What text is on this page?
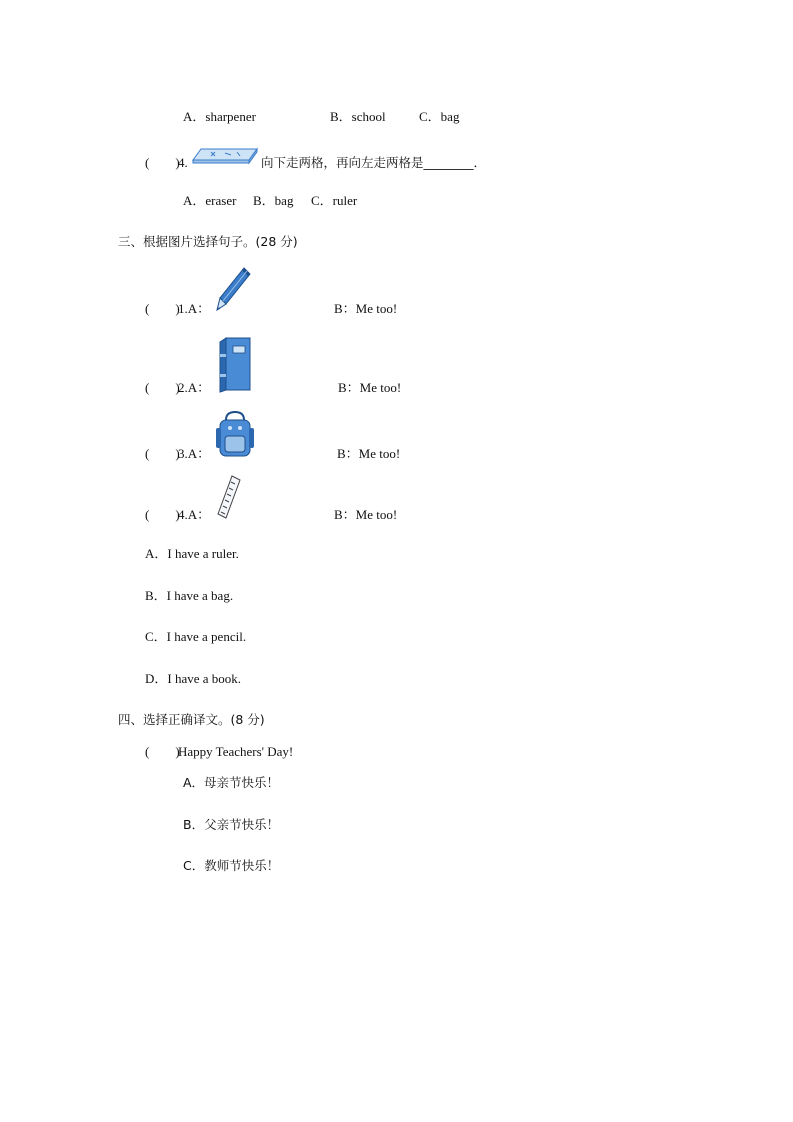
A．sharpener	B．school	C．bag
(　　)
4.	向下走两格，再向左走两格是________．
A．eraser B．bag C．ruler
三、根据图片选择句子。(28 分)
(　　)
1.A：	B：Me too!
(　　)
2.A：	B：Me too!
(　　)
3.A：	B：Me too!
(　　)
4.A：	B：Me too!
A．I have a ruler.
B．I have a bag.
C．I have a pencil.
D．I have a book.
四、选择正确译文。(8 分)
(　　)
Happy Teachers' Day!
A．母亲节快乐！
B．父亲节快乐！
C．教师节快乐！
